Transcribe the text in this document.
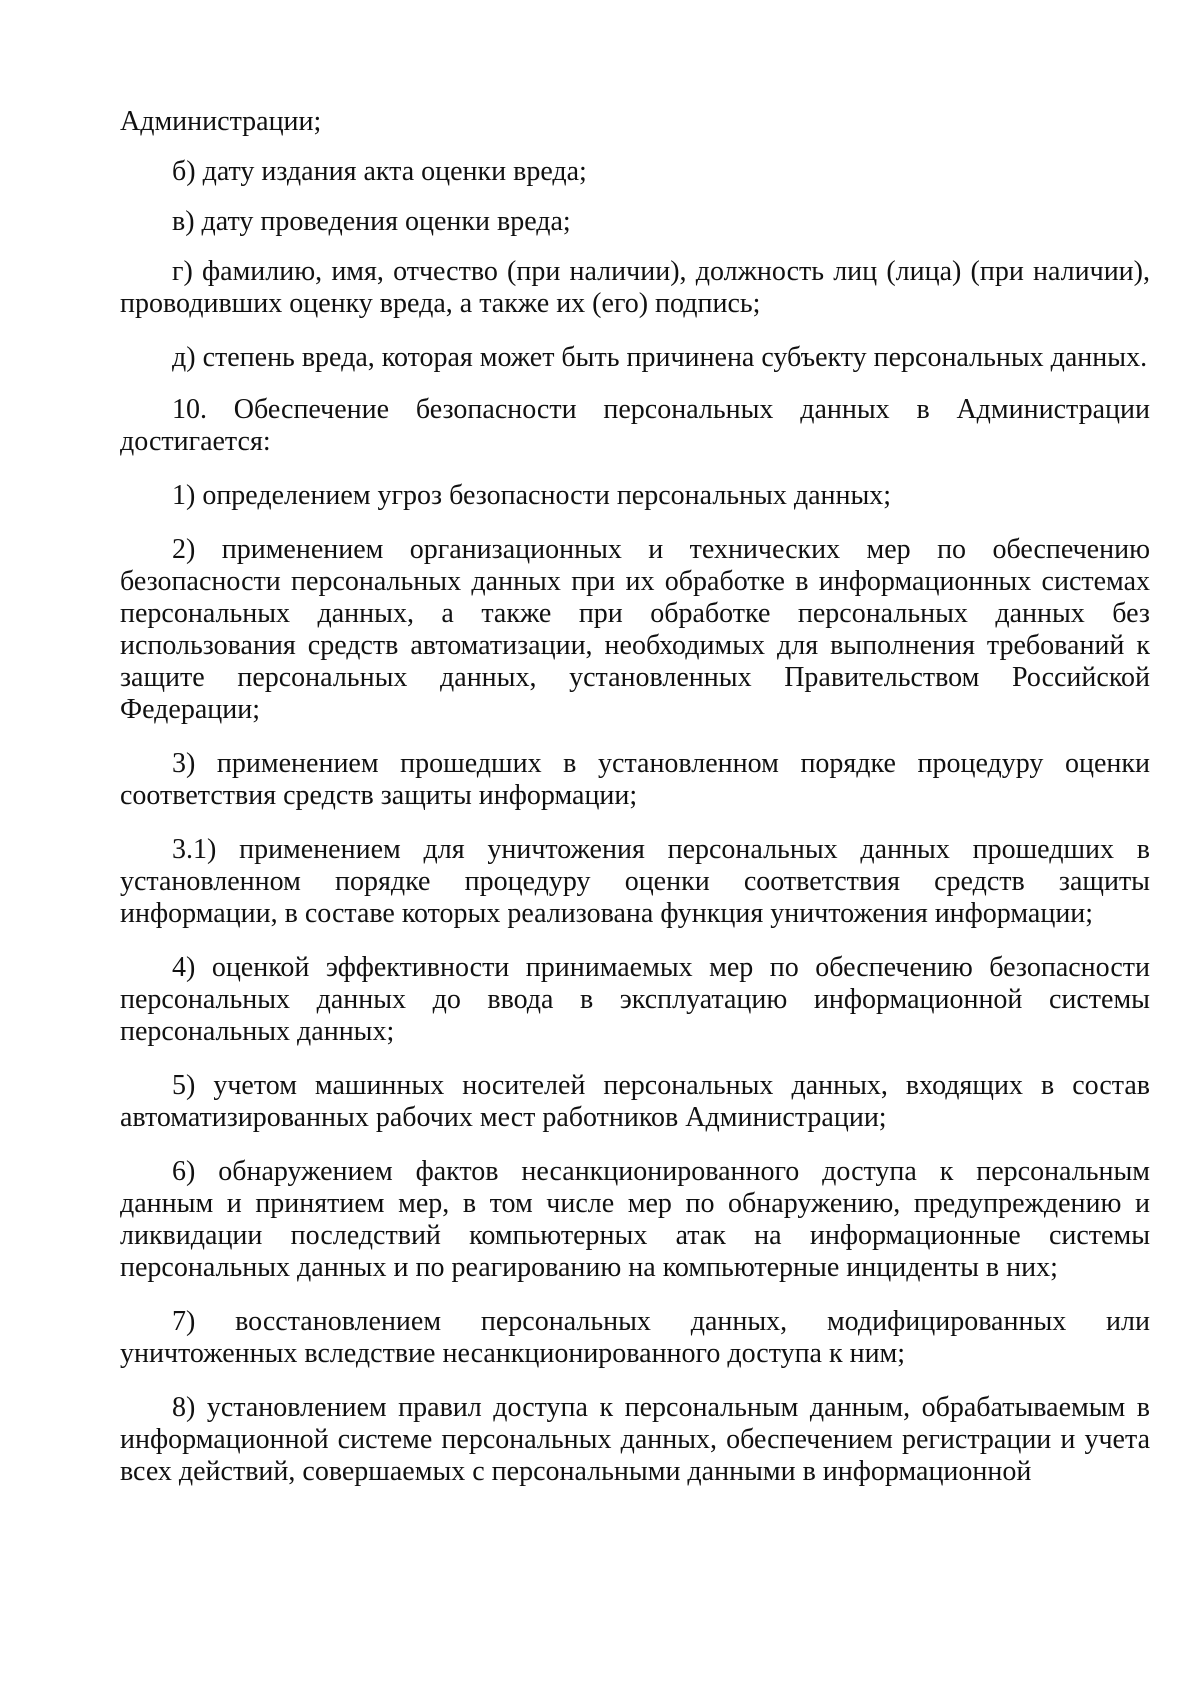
Администрации;

б) дату издания акта оценки вреда;

в) дату проведения оценки вреда;

г) фамилию, имя, отчество (при наличии), должность лиц (лица) (при наличии), проводивших оценку вреда, а также их (его) подпись;

д) степень вреда, которая может быть причинена субъекту персональных данных.

10. Обеспечение безопасности персональных данных в Администрации достигается:

1) определением угроз безопасности персональных данных;

2) применением организационных и технических мер по обеспечению безопасности персональных данных при их обработке в информационных системах персональных данных, а также при обработке персональных данных без использования средств автоматизации, необходимых для выполнения требований к защите персональных данных, установленных Правительством Российской Федерации;

3) применением прошедших в установленном порядке процедуру оценки соответствия средств защиты информации;

3.1) применением для уничтожения персональных данных прошедших в установленном порядке процедуру оценки соответствия средств защиты информации, в составе которых реализована функция уничтожения информации;

4) оценкой эффективности принимаемых мер по обеспечению безопасности персональных данных до ввода в эксплуатацию информационной системы персональных данных;

5) учетом машинных носителей персональных данных, входящих в состав автоматизированных рабочих мест работников Администрации;

6) обнаружением фактов несанкционированного доступа к персональным данным и принятием мер, в том числе мер по обнаружению, предупреждению и ликвидации последствий компьютерных атак на информационные системы персональных данных и по реагированию на компьютерные инциденты в них;

7) восстановлением персональных данных, модифицированных или уничтоженных вследствие несанкционированного доступа к ним;

8) установлением правил доступа к персональным данным, обрабатываемым в информационной системе персональных данных, обеспечением регистрации и учета всех действий, совершаемых с персональными данными в информационной
